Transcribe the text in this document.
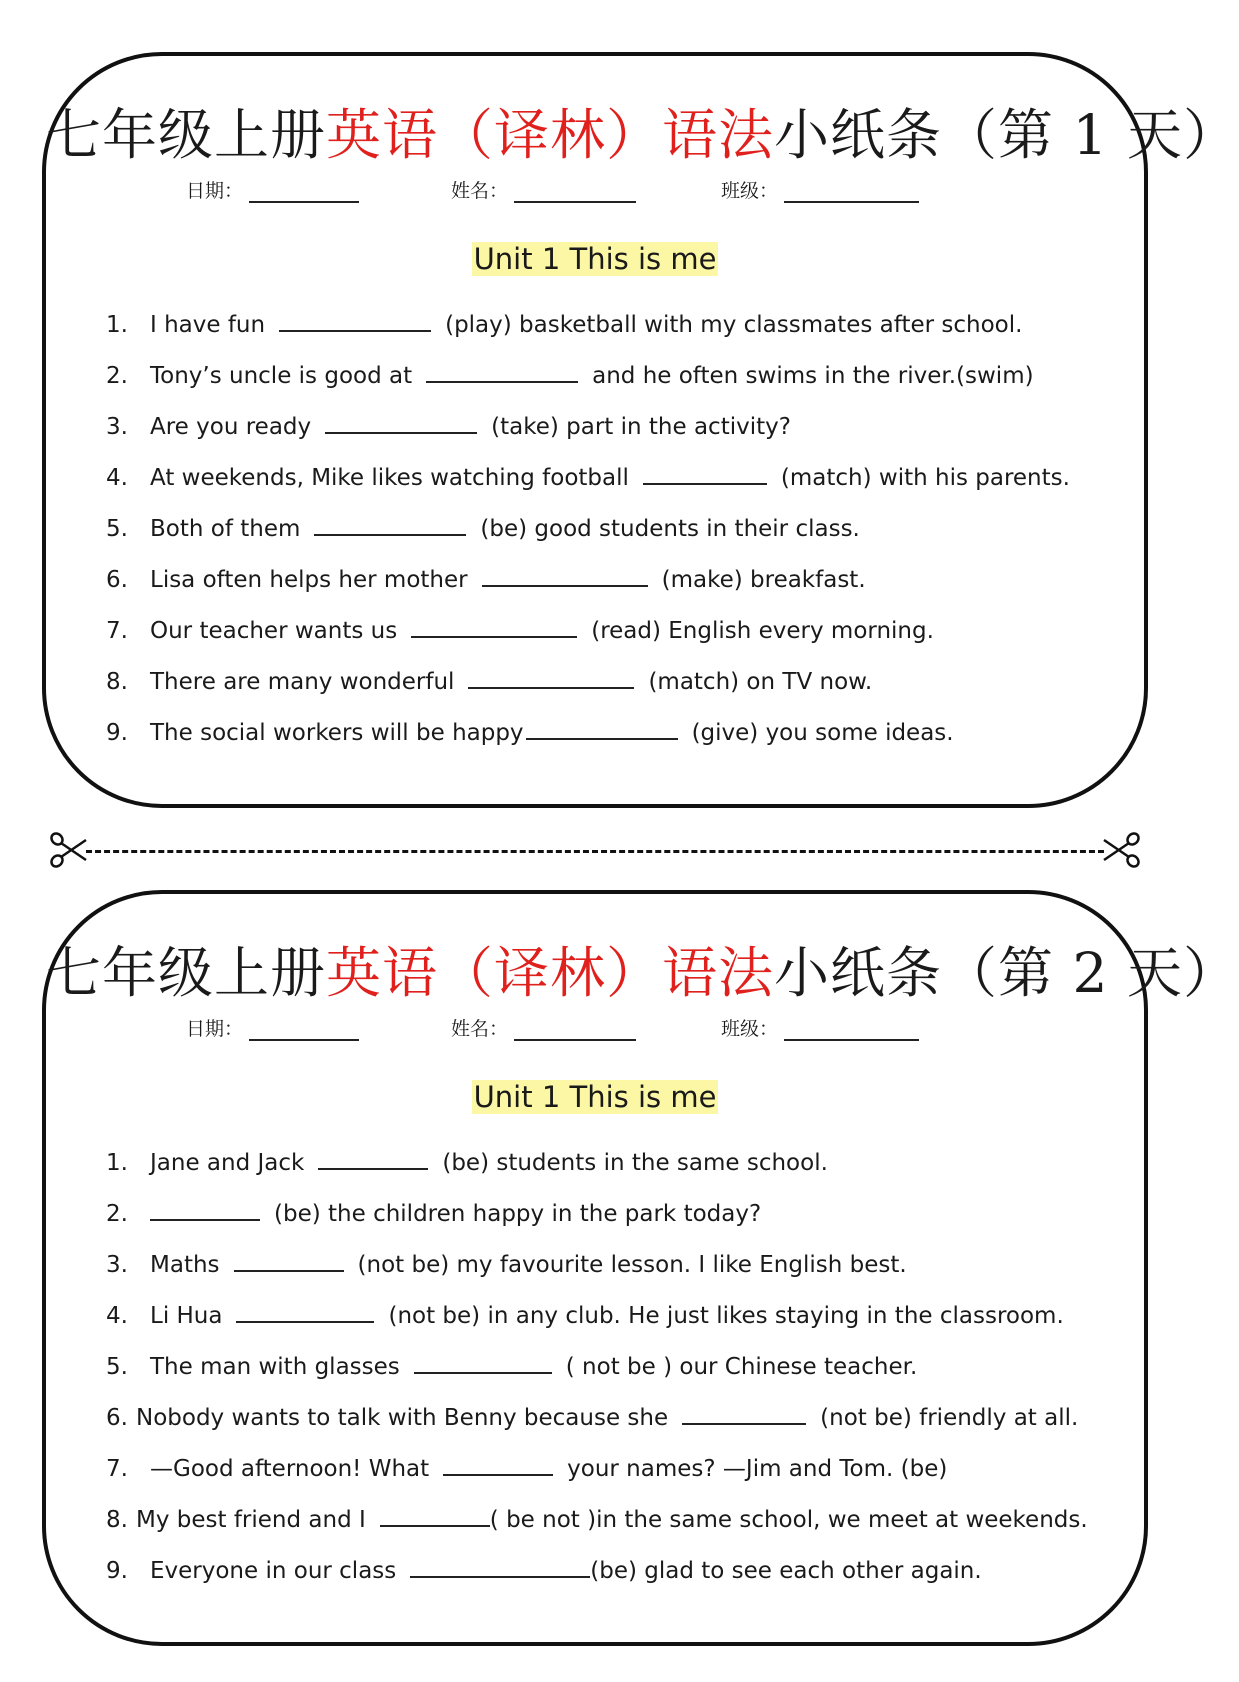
七年级上册英语（译林）语法小纸条（第 1 天）
日期：	姓名：	班级：
Unit 1 This is me
1. I have fun	(play) basketball with my classmates after school.
2. Tony’s uncle is good at	and he often swims in the river.(swim)
3. Are you ready	(take) part in the activity?
4. At weekends, Mike likes watching football	(match) with his parents.
5. Both of them	(be) good students in their class.
6. Lisa often helps her mother	(make) breakfast.
7. Our teacher wants us	(read) English every morning.
8. There are many wonderful	(match) on TV now.
9. The social workers will be happy	(give) you some ideas.
七年级上册英语（译林）语法小纸条（第 2 天）
日期：	姓名：	班级：
Unit 1 This is me
1. Jane and Jack	(be) students in the same school.
2.	(be) the children happy in the park today?
3. Maths	(not be) my favourite lesson. I like English best.
4. Li Hua	(not be) in any club. He just likes staying in the classroom.
5. The man with glasses	( not be ) our Chinese teacher.
6. Nobody wants to talk with Benny because she	(not be) friendly at all.
7. —Good afternoon! What	your names? —Jim and Tom. (be)
8. My best friend and I	( be not )in the same school, we meet at weekends.
9. Everyone in our class	(be) glad to see each other again.
